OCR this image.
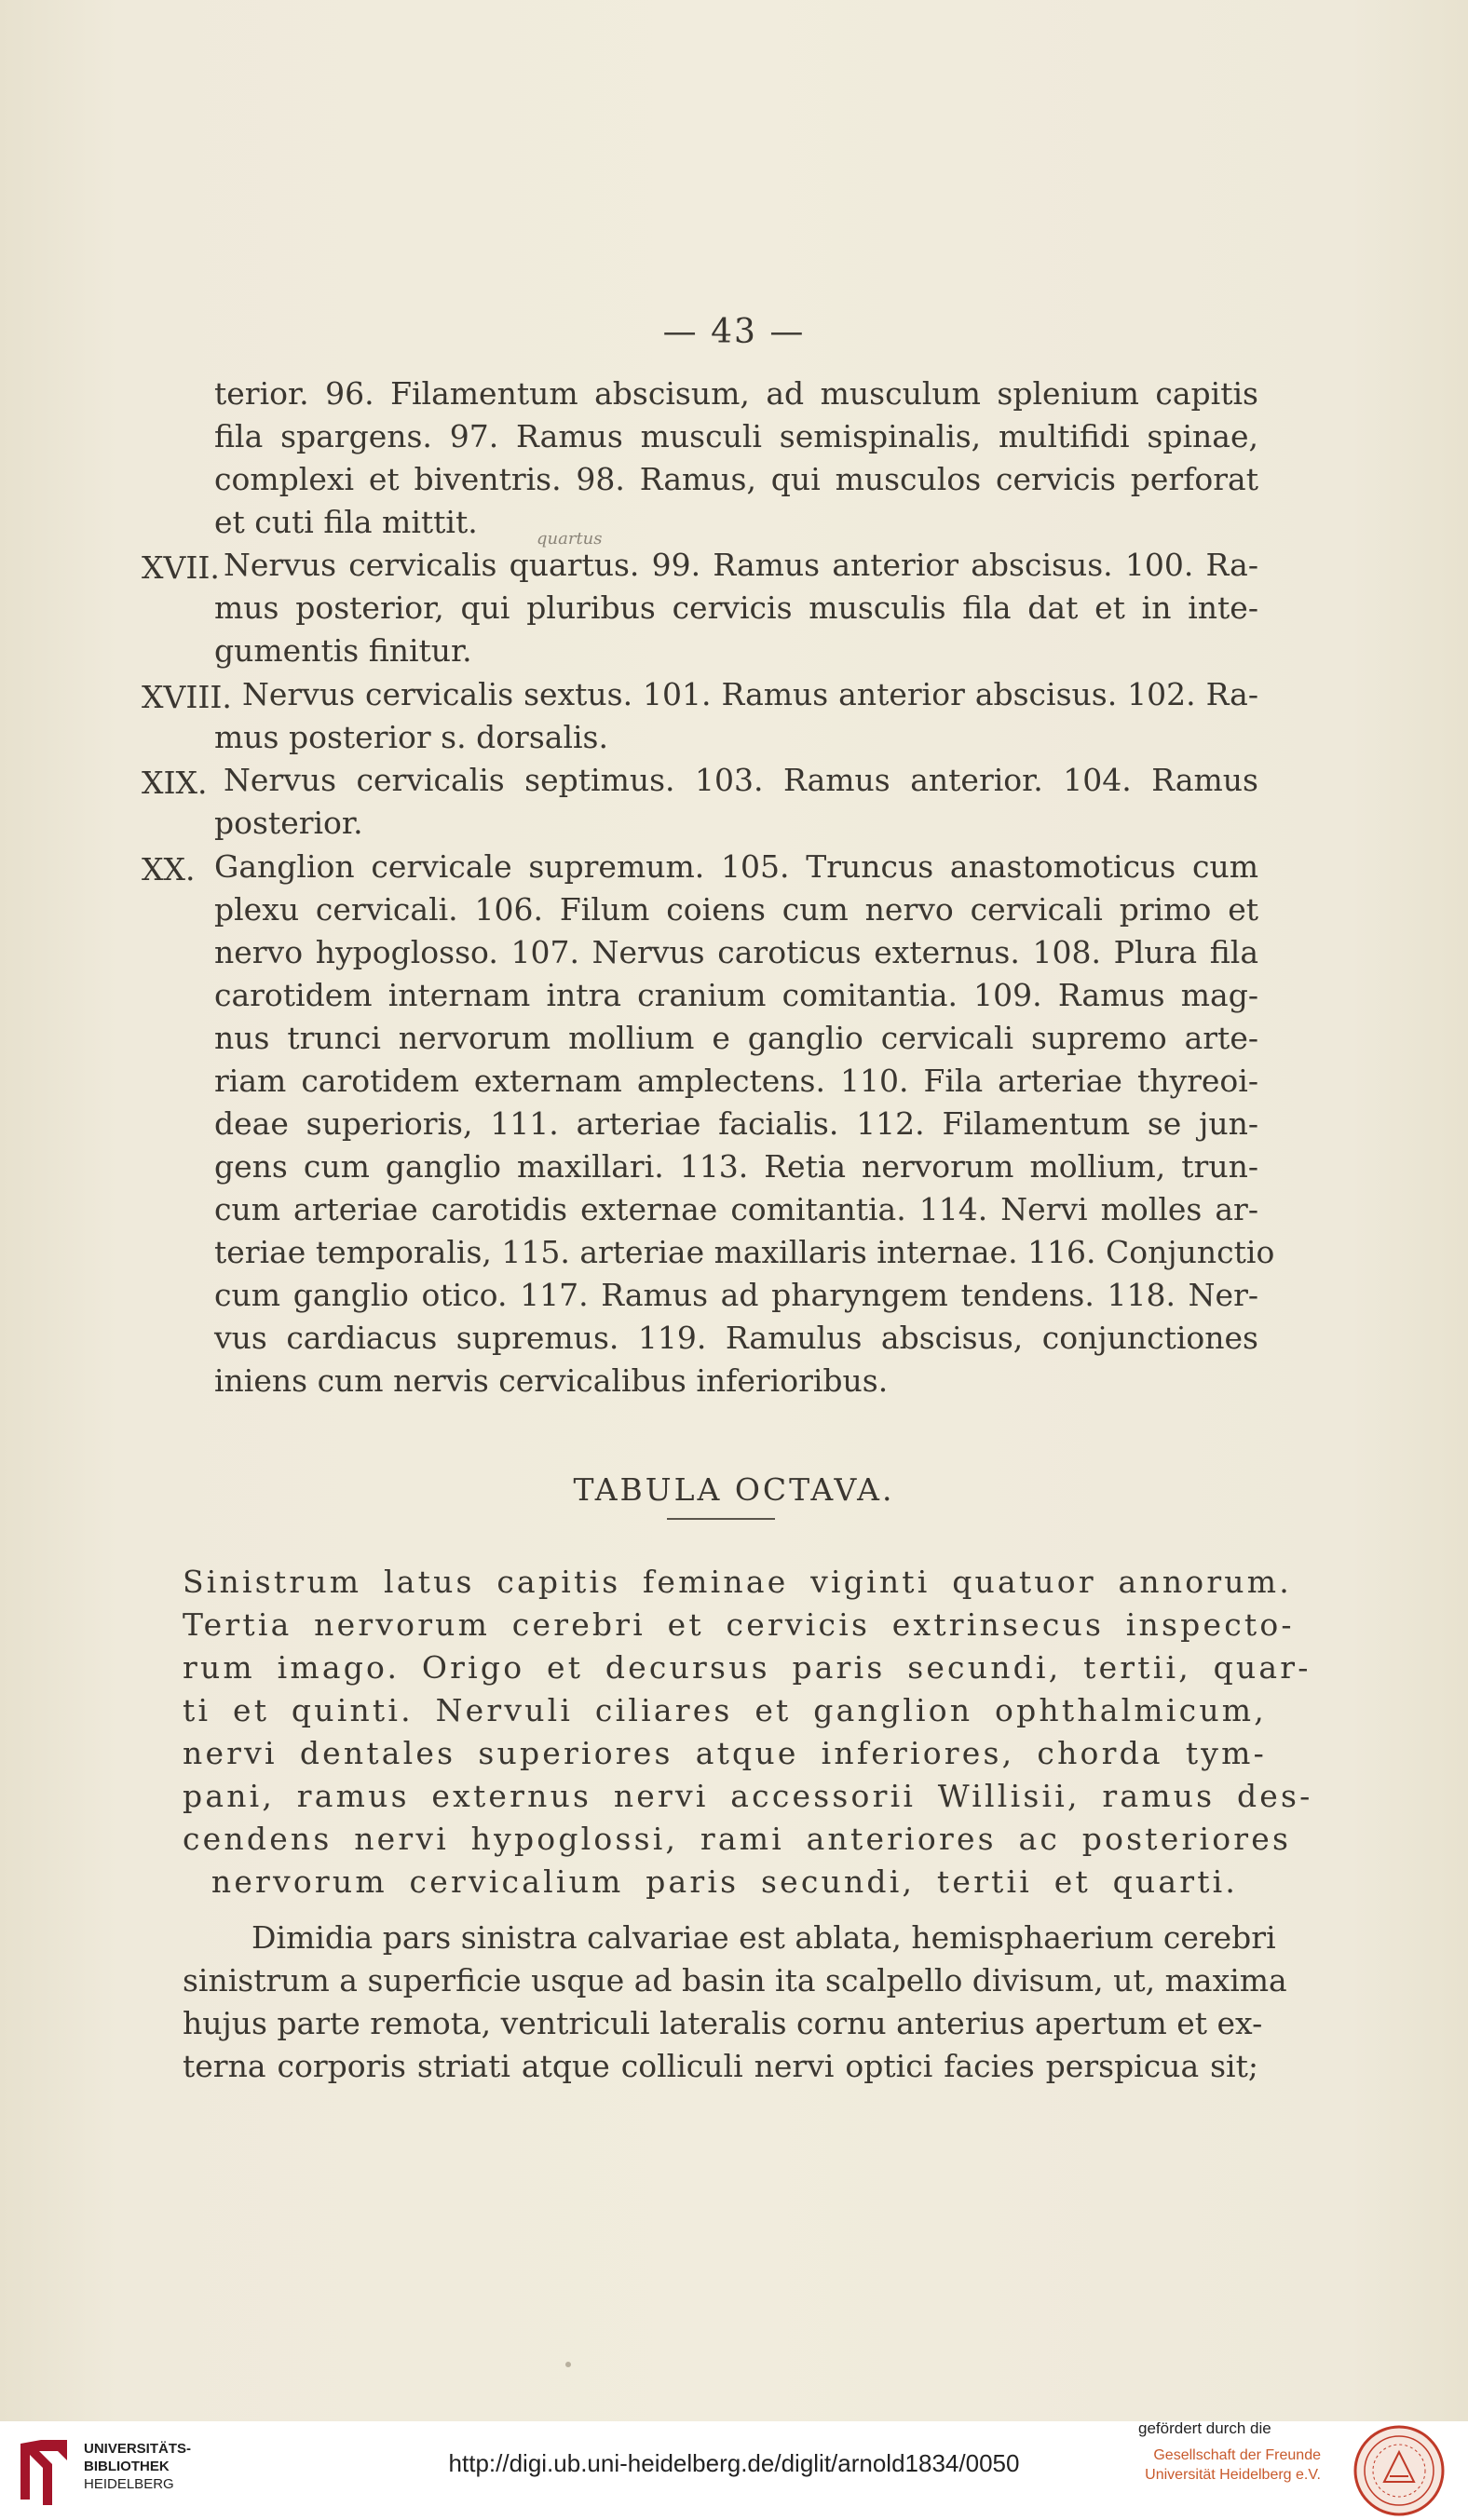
— 43 —
terior. 96. Filamentum abscisum, ad musculum splenium capitis
fila spargens. 97. Ramus musculi semispinalis, multifidi spinae,
complexi et biventris. 98. Ramus, qui musculos cervicis perforat
et cuti fila mittit.	quartus
XVII. Nervus cervicalis quartus. 99. Ramus anterior abscisus. 100. Ra-
mus posterior, qui pluribus cervicis musculis fila dat et in inte-
gumentis finitur.
XVIII. Nervus cervicalis sextus. 101. Ramus anterior abscisus. 102. Ra-
mus posterior s. dorsalis.
XIX. Nervus cervicalis septimus. 103. Ramus anterior. 104. Ramus
posterior.
XX. Ganglion cervicale supremum. 105. Truncus anastomoticus cum
plexu cervicali. 106. Filum coiens cum nervo cervicali primo et
nervo hypoglosso. 107. Nervus caroticus externus. 108. Plura fila
carotidem internam intra cranium comitantia. 109. Ramus mag-
nus trunci nervorum mollium e ganglio cervicali supremo arte-
riam carotidem externam amplectens. 110. Fila arteriae thyreoi-
deae superioris, 111. arteriae facialis. 112. Filamentum se jun-
gens cum ganglio maxillari. 113. Retia nervorum mollium, trun-
cum arteriae carotidis externae comitantia. 114. Nervi molles ar-
teriae temporalis, 115. arteriae maxillaris internae. 116. Conjunctio
cum ganglio otico. 117. Ramus ad pharyngem tendens. 118. Ner-
vus cardiacus supremus. 119. Ramulus abscisus, conjunctiones
iniens cum nervis cervicalibus inferioribus.
TABULA OCTAVA.
Sinistrum latus capitis feminae viginti quatuor annorum.
Tertia nervorum cerebri et cervicis extrinsecus inspecto-
rum imago. Origo et decursus paris secundi, tertii, quar-
ti et quinti. Nervuli ciliares et ganglion ophthalmicum,
nervi dentales superiores atque inferiores, chorda tym-
pani, ramus externus nervi accessorii Willisii, ramus des-
cendens nervi hypoglossi, rami anteriores ac posteriores
nervorum cervicalium paris secundi, tertii et quarti.
Dimidia pars sinistra calvariae est ablata, hemisphaerium cerebri
sinistrum a superficie usque ad basin ita scalpello divisum, ut, maxima
hujus parte remota, ventriculi lateralis cornu anterius apertum et ex-
terna corporis striati atque colliculi nervi optici facies perspicua sit;
UNIVERSITÄTS-
BIBLIOTHEK
HEIDELBERG
http://digi.ub.uni-heidelberg.de/diglit/arnold1834/0050
gefördert durch die
Gesellschaft der Freunde
Universität Heidelberg e.V.
